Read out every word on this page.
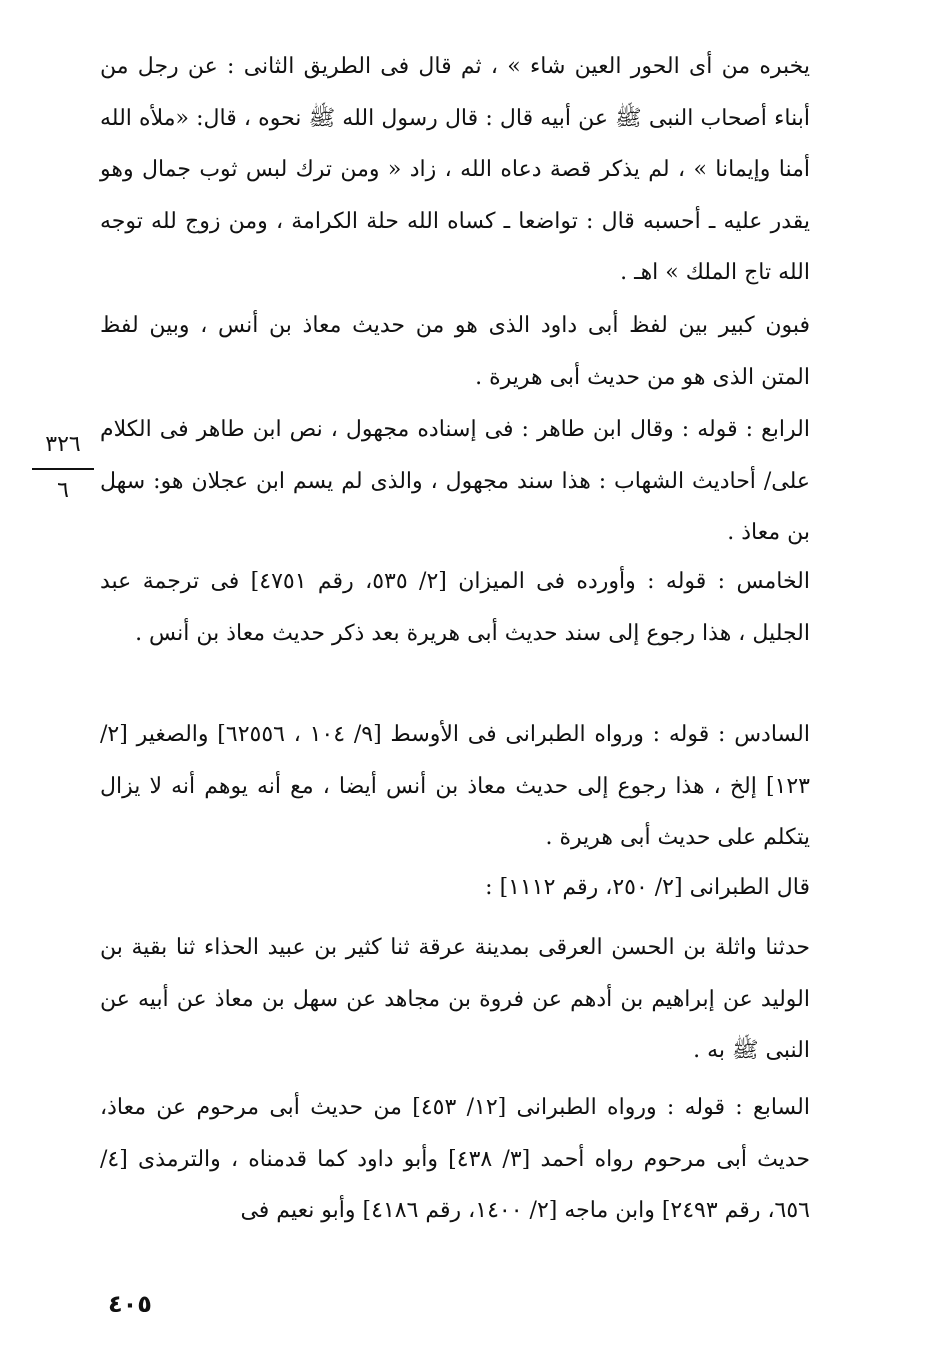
يخبره من أى الحور العين شاء » ، ثم قال فى الطريق الثانى : عن رجل من أبناء أصحاب النبى ﷺ عن أبيه قال : قال رسول الله ﷺ نحوه ، قال: «ملأه الله أمنا وإيمانا » ، لم يذكر قصة دعاه الله ، زاد « ومن ترك لبس ثوب جمال وهو يقدر عليه ـ أحسبه قال : تواضعا ـ كساه الله حلة الكرامة ، ومن زوج لله توجه الله تاج الملك » اهـ .

فبون كبير بين لفظ أبى داود الذى هو من حديث معاذ بن أنس ، وبين لفظ المتن الذى هو من حديث أبى هريرة .

الرابع : قوله : وقال ابن طاهر : فى إسناده مجهول ، نص ابن طاهر فى الكلام على/ أحاديث الشهاب : هذا سند مجهول ، والذى لم يسم ابن عجلان هو: سهل بن معاذ .

الخامس : قوله : وأورده فى الميزان [٢/ ٥٣٥، رقم ٤٧٥١] فى ترجمة عبد الجليل ، هذا رجوع إلى سند حديث أبى هريرة بعد ذكر حديث معاذ بن أنس .

السادس : قوله : ورواه الطبرانى فى الأوسط [٩/ ١٠٤ ، ٦٢٥٥٦] والصغير [٢/ ١٢٣] إلخ ، هذا رجوع إلى حديث معاذ بن أنس أيضا ، مع أنه يوهم أنه لا يزال يتكلم على حديث أبى هريرة .

قال الطبرانى [٢/ ٢٥٠، رقم ١١١٢] :

حدثنا واثلة بن الحسن العرقى بمدينة عرقة ثنا كثير بن عبيد الحذاء ثنا بقية بن الوليد عن إبراهيم بن أدهم عن فروة بن مجاهد عن سهل بن معاذ عن أبيه عن النبى ﷺ به .

السابع : قوله : ورواه الطبرانى [١٢/ ٤٥٣] من حديث أبى مرحوم عن معاذ، حديث أبى مرحوم رواه أحمد [٣/ ٤٣٨] وأبو داود كما قدمناه ، والترمذى [٤/ ٦٥٦، رقم ٢٤٩٣] وابن ماجه [٢/ ١٤٠٠، رقم ٤١٨٦] وأبو نعيم فى

٣٢٦
٦
٤٠٥
